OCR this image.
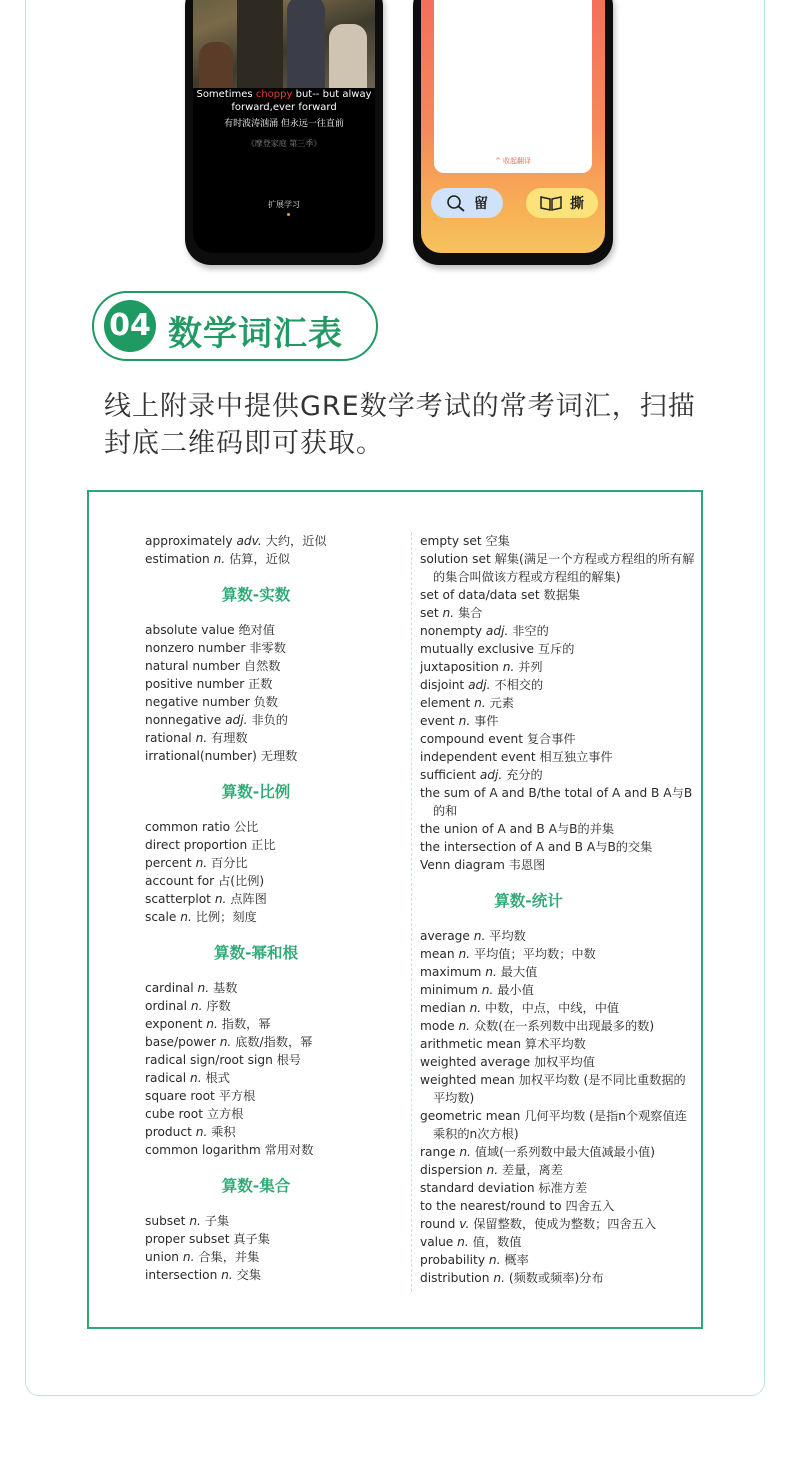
Sometimes choppy but-- but alway
forward,ever forward
有时波涛汹涌 但永远一往直前
《摩登家庭 第三季》
扩展学习
^ 收起翻译
留	撕
04 数学词汇表
线上附录中提供GRE数学考试的常考词汇，扫描封底二维码即可获取。
approximately adv. 大约，近似
estimation n. 估算，近似
算数-实数
absolute value 绝对值
nonzero number 非零数
natural number 自然数
positive number 正数
negative number 负数
nonnegative adj. 非负的
rational n. 有理数
irrational(number) 无理数
算数-比例
common ratio 公比
direct proportion 正比
percent n. 百分比
account for 占(比例)
scatterplot n. 点阵图
scale n. 比例；刻度
算数-幂和根
cardinal n. 基数
ordinal n. 序数
exponent n. 指数，幂
base/power n. 底数/指数，幂
radical sign/root sign 根号
radical n. 根式
square root 平方根
cube root 立方根
product n. 乘积
common logarithm 常用对数
算数-集合
subset n. 子集
proper subset 真子集
union n. 合集，并集
intersection n. 交集
empty set 空集
solution set 解集(满足一个方程或方程组的所有解的集合叫做该方程或方程组的解集)
set of data/data set 数据集
set n. 集合
nonempty adj. 非空的
mutually exclusive 互斥的
juxtaposition n. 并列
disjoint adj. 不相交的
element n. 元素
event n. 事件
compound event 复合事件
independent event 相互独立事件
sufficient adj. 充分的
the sum of A and B/the total of A and B A与B的和
the union of A and B A与B的并集
the intersection of A and B A与B的交集
Venn diagram 韦恩图
算数-统计
average n. 平均数
mean n. 平均值；平均数；中数
maximum n. 最大值
minimum n. 最小值
median n. 中数，中点，中线，中值
mode n. 众数(在一系列数中出现最多的数)
arithmetic mean 算术平均数
weighted average 加权平均值
weighted mean 加权平均数 (是不同比重数据的平均数)
geometric mean 几何平均数 (是指n个观察值连乘积的n次方根)
range n. 值域(一系列数中最大值减最小值)
dispersion n. 差量，离差
standard deviation 标准方差
to the nearest/round to 四舍五入
round v. 保留整数，使成为整数；四舍五入
value n. 值，数值
probability n. 概率
distribution n. (频数或频率)分布
